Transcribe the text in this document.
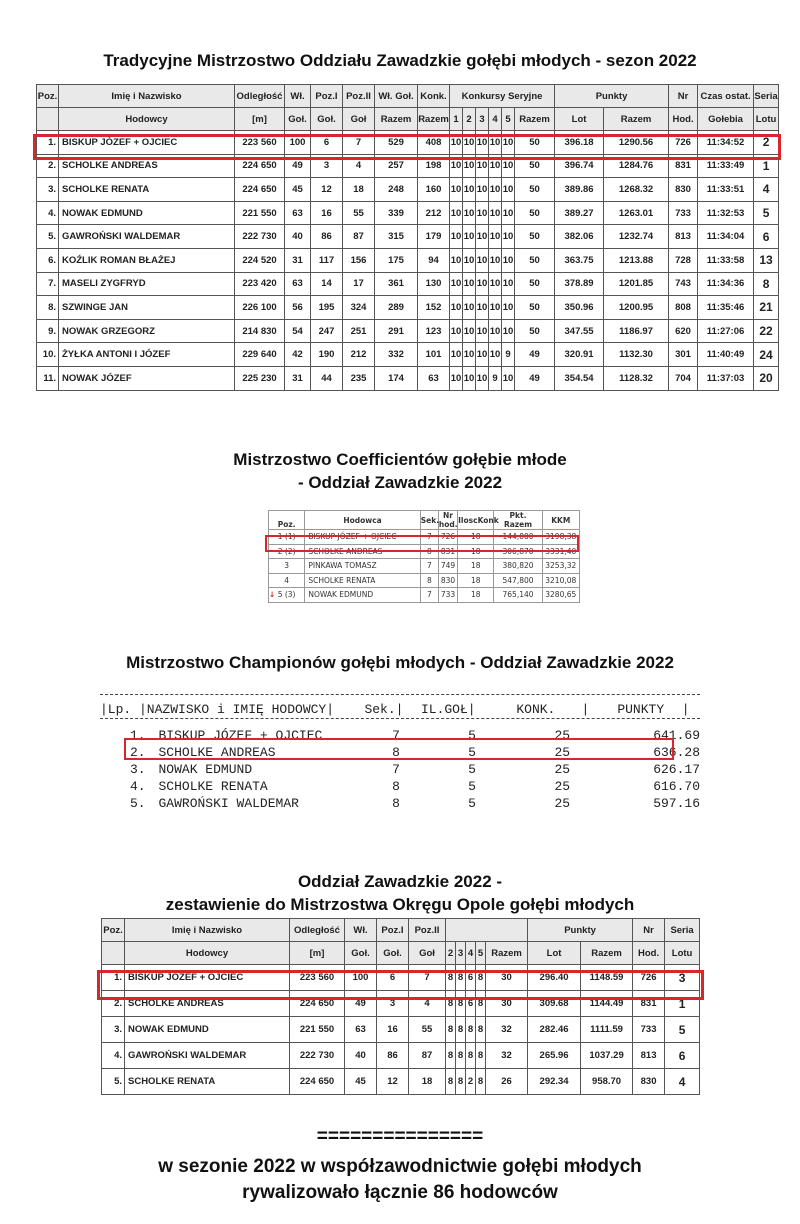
Tradycyjne Mistrzostwo Oddziału Zawadzkie gołębi młodych - sezon 2022
Poz.	Imię i Nazwisko	Odległość	Wł.	Poz.I	Poz.II	Wł. Goł.	Konk.	Konkursy Seryjne						Punkty		Nr	Czas ostat.	Seria
	Hodowcy	[m]	Goł.	Goł.	Goł	Razem	Razem	1	2	3	4	5	Razem	Lot	Razem	Hod.	Gołebia	Lotu
1.	BISKUP JÓZEF + OJCIEC	223 560	100	6	7	529	408	10	10	10	10	10	50	396.18	1290.56	726	11:34:52	2
2.	SCHOLKE ANDREAS	224 650	49	3	4	257	198	10	10	10	10	10	50	396.74	1284.76	831	11:33:49	1
3.	SCHOLKE RENATA	224 650	45	12	18	248	160	10	10	10	10	10	50	389.86	1268.32	830	11:33:51	4
4.	NOWAK EDMUND	221 550	63	16	55	339	212	10	10	10	10	10	50	389.27	1263.01	733	11:32:53	5
5.	GAWROŃSKI WALDEMAR	222 730	40	86	87	315	179	10	10	10	10	10	50	382.06	1232.74	813	11:34:04	6
6.	KOŹLIK ROMAN BŁAŻEJ	224 520	31	117	156	175	94	10	10	10	10	10	50	363.75	1213.88	728	11:33:58	13
7.	MASELI ZYGFRYD	223 420	63	14	17	361	130	10	10	10	10	10	50	378.89	1201.85	743	11:34:36	8
8.	SZWINGE JAN	226 100	56	195	324	289	152	10	10	10	10	10	50	350.96	1200.95	808	11:35:46	21
9.	NOWAK GRZEGORZ	214 830	54	247	251	291	123	10	10	10	10	10	50	347.55	1186.97	620	11:27:06	22
10.	ŻYŁKA ANTONI I JÓZEF	229 640	42	190	212	332	101	10	10	10	10	9	49	320.91	1132.30	301	11:40:49	24
11.	NOWAK JÓZEF	225 230	31	44	235	174	63	10	10	10	9	10	49	354.54	1128.32	704	11:37:03	20
Mistrzostwo Coefficientów gołębie młode
- Oddział Zawadzkie 2022
Poz.	Hodowca	Sek.	Nr hod.	IloscKonk	Pkt. Razem	KKM
1 (1)	BISKUP JÓZEF + OJCIEC	7	726	18	144,800	3198,38
2 (2)	SCHOLKE ANDREAS	8	831	18	306,870	3331,40
3	PINKAWA TOMASZ	7	749	18	380,820	3253,32
4	SCHOLKE RENATA	8	830	18	547,800	3210,08
↓ 5 (3)	NOWAK EDMUND	7	733	18	765,140	3280,65
Mistrzostwo Championów gołębi młodych - Oddział Zawadzkie 2022
|Lp. |NAZWISKO i IMIĘ HODOWCY|	Sek.|	IL.GOŁ|	KONK.	|	PUNKTY	|
1. BISKUP JÓZEF + OJCIEC	7	5	25	641.69
2. SCHOLKE ANDREAS	8	5	25	636.28
3. NOWAK EDMUND	7	5	25	626.17
4. SCHOLKE RENATA	8	5	25	616.70
5. GAWROŃSKI WALDEMAR	8	5	25	597.16
Oddział Zawadzkie 2022 -
zestawienie do Mistrzostwa Okręgu Opole gołębi młodych
Poz.	Imię i Nazwisko	Odległość	Wł.	Poz.I	Poz.II						Punkty		Nr	Seria
	Hodowcy	[m]	Goł.	Goł.	Goł	2	3	4	5	Razem	Lot	Razem	Hod.	Lotu
1.	BISKUP JÓZEF + OJCIEC	223 560	100	6	7	8	8	6	8	30	296.40	1148.59	726	3
2.	SCHOLKE ANDREAS	224 650	49	3	4	8	8	6	8	30	309.68	1144.49	831	1
3.	NOWAK EDMUND	221 550	63	16	55	8	8	8	8	32	282.46	1111.59	733	5
4.	GAWROŃSKI WALDEMAR	222 730	40	86	87	8	8	8	8	32	265.96	1037.29	813	6
5.	SCHOLKE RENATA	224 650	45	12	18	8	8	2	8	26	292.34	958.70	830	4
===============
w sezonie 2022 w współzawodnictwie gołębi młodych
rywalizowało łącznie 86 hodowców
